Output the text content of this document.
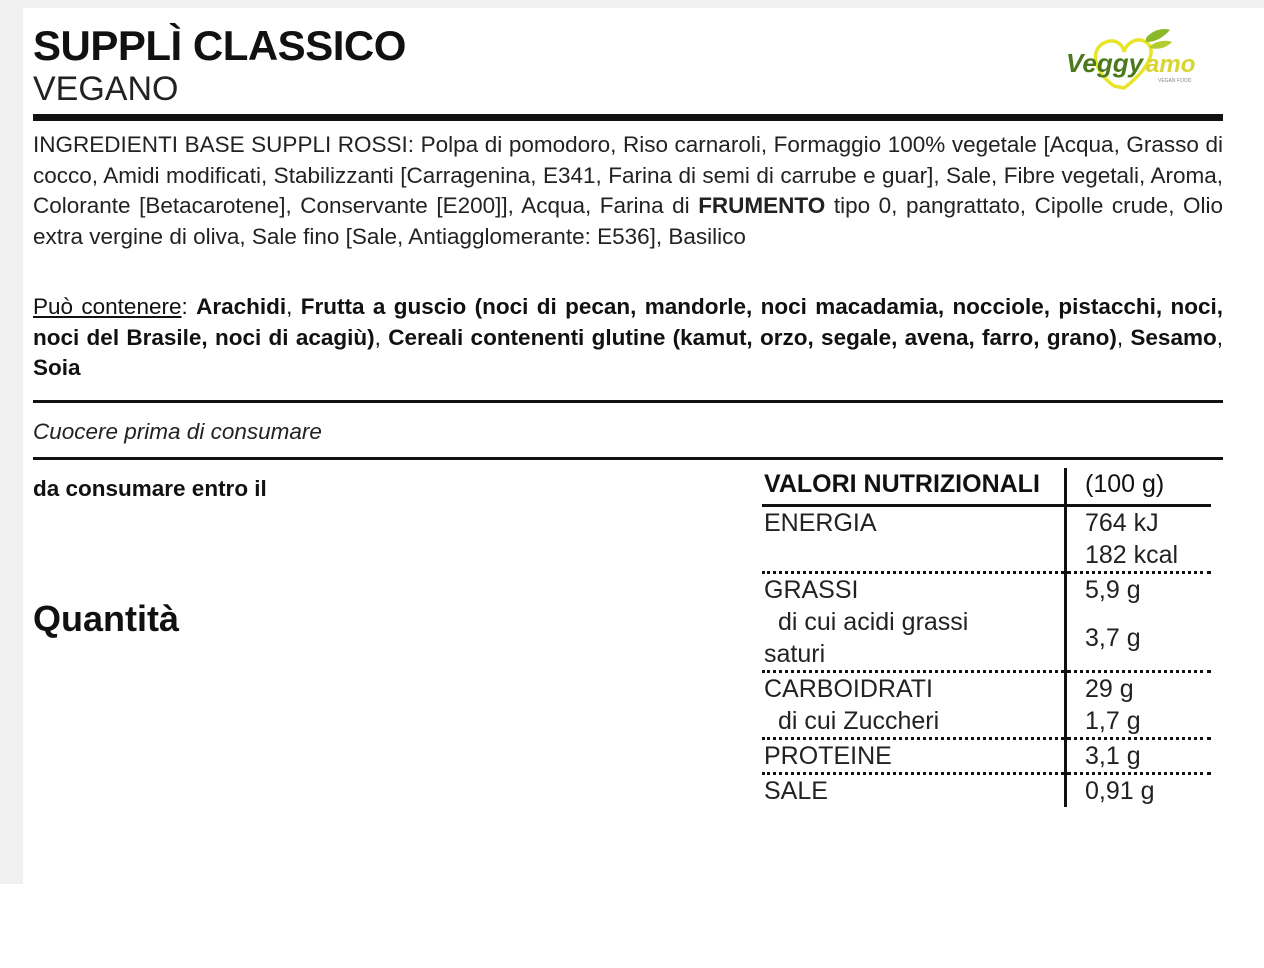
SUPPLÌ CLASSICO
VEGANO
Veggy amo
VEGAN FOOD
INGREDIENTI BASE SUPPLI ROSSI: Polpa di pomodoro, Riso carnaroli, Formaggio 100% vegetale [Acqua, Grasso di cocco, Amidi modificati, Stabilizzanti [Carragenina, E341, Farina di semi di carrube e guar], Sale, Fibre vegetali, Aroma, Colorante [Betacarotene], Conservante [E200]], Acqua, Farina di FRUMENTO tipo 0, pangrattato, Cipolle crude, Olio extra vergine di oliva, Sale fino [Sale, Antiagglomerante: E536], Basilico
Può contenere: Arachidi, Frutta a guscio (noci di pecan, mandorle, noci macadamia, nocciole, pistacchi, noci, noci del Brasile, noci di acagiù), Cereali contenenti glutine (kamut, orzo, segale, avena, farro, grano), Sesamo, Soia
Cuocere prima di consumare
da consumare entro il
Quantità
VALORI NUTRIZIONALI	(100 g)
ENERGIA	764 kJ
	182 kcal
GRASSI	5,9 g
di cui acidi grassi
saturi	3,7 g
CARBOIDRATI	29 g
di cui Zuccheri	1,7 g
PROTEINE	3,1 g
SALE	0,91 g
